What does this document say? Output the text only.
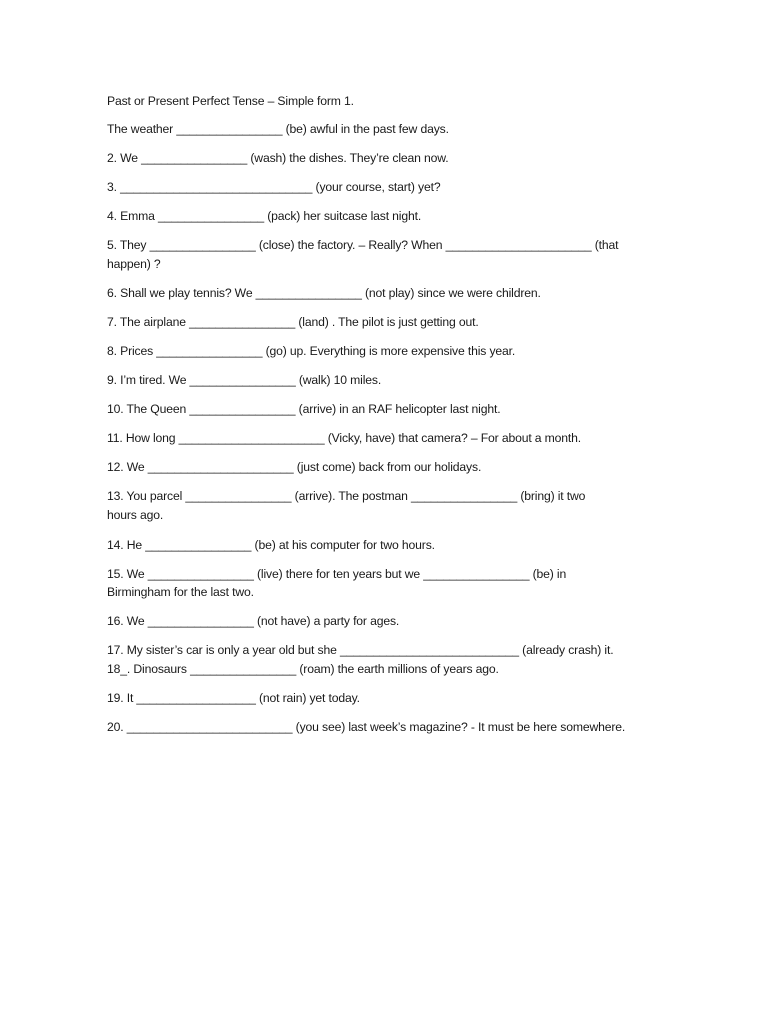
Past or Present Perfect Tense – Simple form 1.
The weather ________________ (be) awful in the past few days.
2. We ________________ (wash) the dishes. They’re clean now.
3. _____________________________ (your course, start) yet?
4. Emma ________________ (pack) her suitcase last night.
5. They ________________ (close) the factory. – Really? When ______________________ (that
happen) ?
6. Shall we play tennis? We ________________ (not play) since we were children.
7. The airplane ________________ (land) . The pilot is just getting out.
8. Prices ________________ (go) up. Everything is more expensive this year.
9. I’m tired. We ________________ (walk) 10 miles.
10. The Queen ________________ (arrive) in an RAF helicopter last night.
11. How long ______________________ (Vicky, have) that camera? – For about a month.
12. We ______________________ (just come) back from our holidays.
13. You parcel ________________ (arrive). The postman ________________ (bring) it two
hours ago.
14. He ________________ (be) at his computer for two hours.
15. We ________________ (live) there for ten years but we ________________ (be) in
Birmingham for the last two.
16. We ________________ (not have) a party for ages.
17. My sister’s car is only a year old but she ___________________________ (already crash) it.
18_. Dinosaurs ________________ (roam) the earth millions of years ago.
19. It __________________ (not rain) yet today.
20. _________________________ (you see) last week’s magazine? - It must be here somewhere.
